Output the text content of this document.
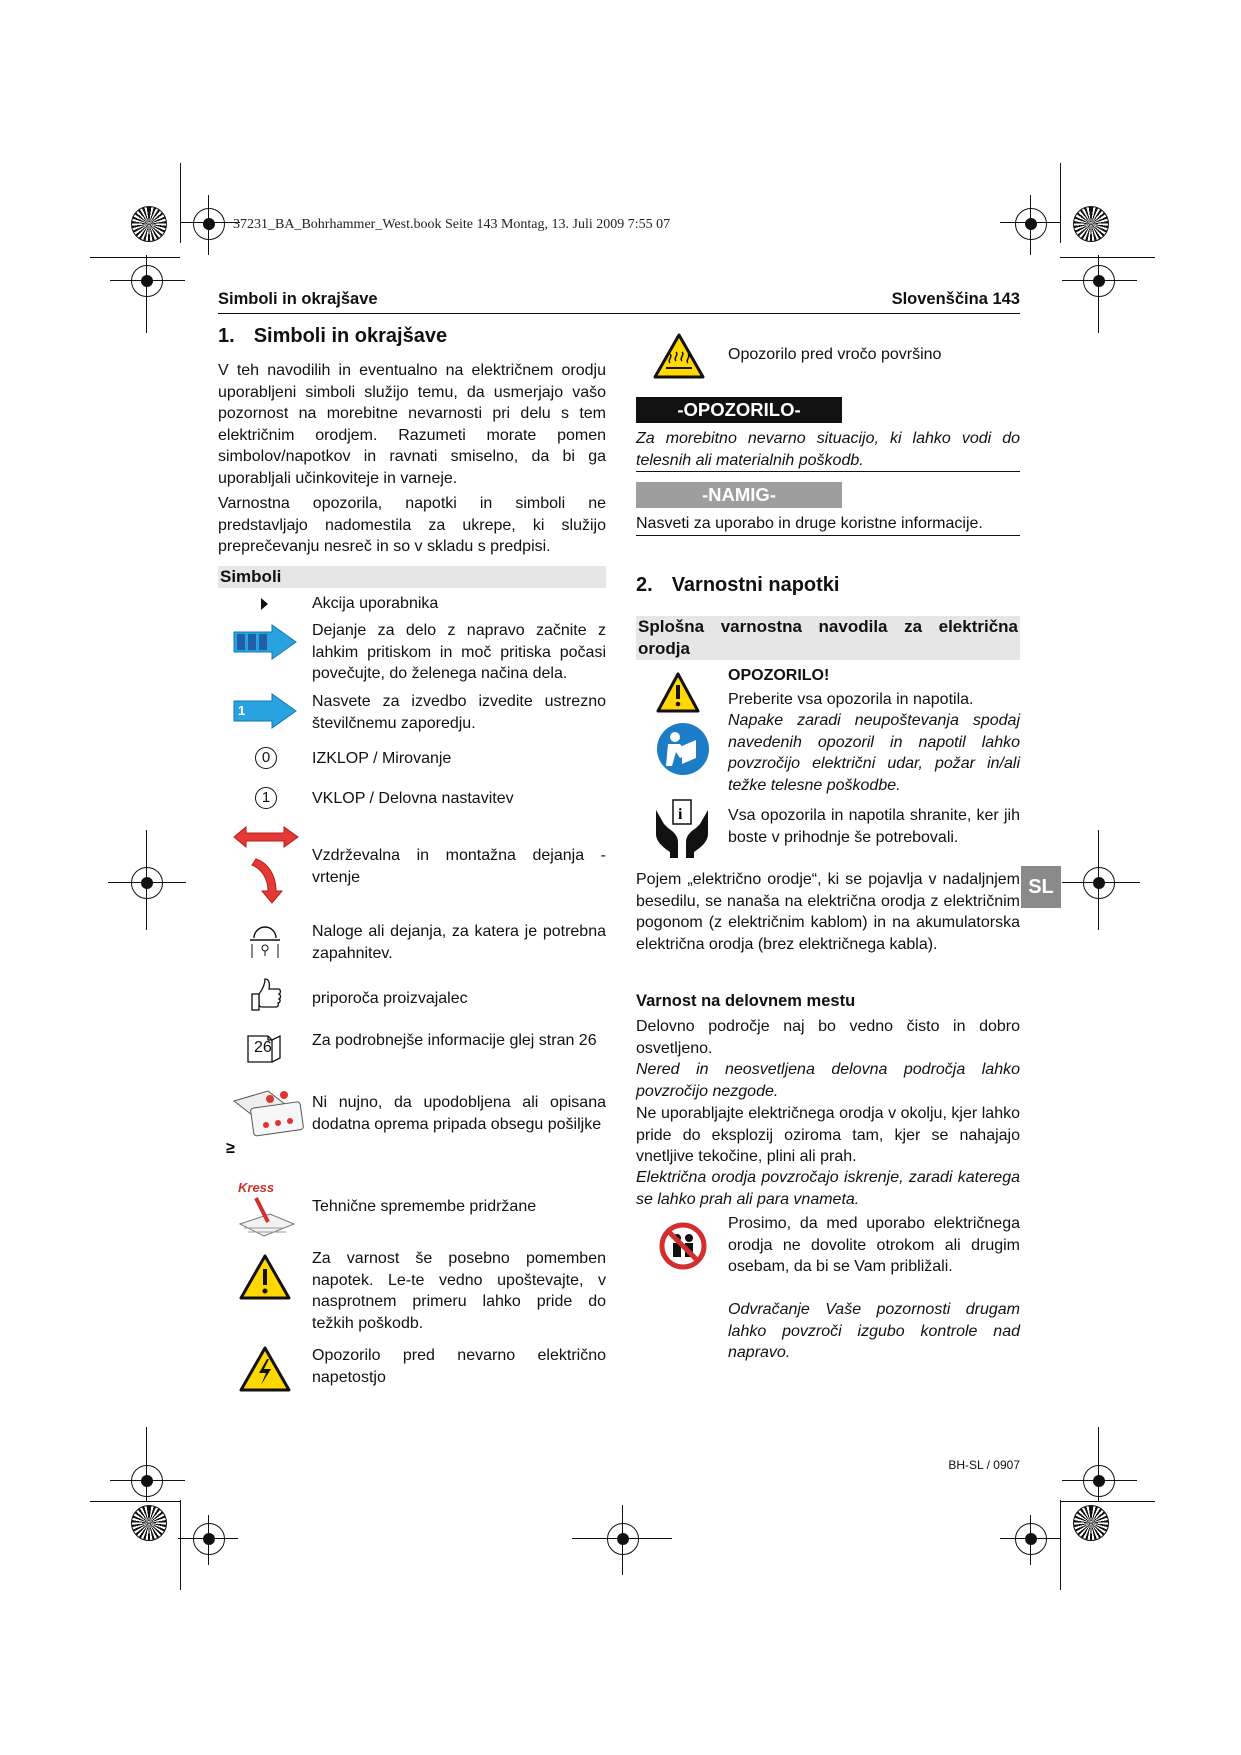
37231_BA_Bohrhammer_West.book Seite 143 Montag, 13. Juli 2009 7:55 07
Simboli in okrajšave	Slovenščina 143
1. Simboli in okrajšave

V teh navodilih in eventualno na električnem orodju uporabljeni simboli služijo temu, da usmerjajo vašo pozornost na morebitne nevarnosti pri delu s tem električnim orodjem. Razumeti morate pomen simbolov/napotkov in ravnati smiselno, da bi ga uporabljali učinkoviteje in varneje.

Varnostna opozorila, napotki in simboli ne predstavljajo nadomestila za ukrepe, ki služijo preprečevanju nesreč in so v skladu s predpisi.

Simboli
Akcija uporabnika
Dejanje za delo z napravo začnite z lahkim pritiskom in moč pritiska počasi povečujte, do želenega načina dela.
Nasvete za izvedbo izvedite ustrezno številčnemu zaporedju.
1
IZKLOP / Mirovanje
0
VKLOP / Delovna nastavitev
1
Vzdrževalna in montažna dejanja - vrtenje
Naloge ali dejanja, za katera je potrebna zapahnitev.
priporoča proizvajalec
Za podrobnejše informacije glej stran 26
26
Ni nujno, da upodobljena ali opisana dodatna oprema pripada obsegu pošiljke
≥
Tehnične spremembe pridržane
Kress
Za varnost še posebno pomemben napotek. Le-te vedno upoštevajte, v nasprotnem primeru lahko pride do težkih poškodb.
Opozorilo pred nevarno električno napetostjo
Opozorilo pred vročo površino
-OPOZORILO-

Za morebitno nevarno situacijo, ki lahko vodi do telesnih ali materialnih poškodb.

-NAMIG-

Nasveti za uporabo in druge koristne informacije.

2. Varnostni napotki
Splošna varnostna navodila za električna orodja
OPOZORILO!

Preberite vsa opozorila in napotila.

Napake zaradi neupoštevanja spodaj navedenih opozoril in napotil lahko povzročijo električni udar, požar in/ali težke telesne poškodbe.

i	Vsa opozorila in napotila shranite, ker jih boste v prihodnje še potrebovali.

Pojem „električno orodje“, ki se pojavlja v nadaljnjem besedilu, se nanaša na električna orodja z električnim pogonom (z električnim kablom) in na akumulatorska električna orodja (brez električnega kabla).

Varnost na delovnem mestu

Delovno področje naj bo vedno čisto in dobro osvetljeno.

Nered in neosvetljena delovna področja lahko povzročijo nezgode.

Ne uporabljajte električnega orodja v okolju, kjer lahko pride do eksplozij oziroma tam, kjer se nahajajo vnetljive tekočine, plini ali prah.

Električna orodja povzročajo iskrenje, zaradi katerega se lahko prah ali para vnameta.

Prosimo, da med uporabo električnega orodja ne dovolite otrokom ali drugim osebam, da bi se Vam približali.

Odvračanje Vaše pozornosti drugam lahko povzroči izgubo kontrole nad napravo.

SL
BH-SL / 0907
